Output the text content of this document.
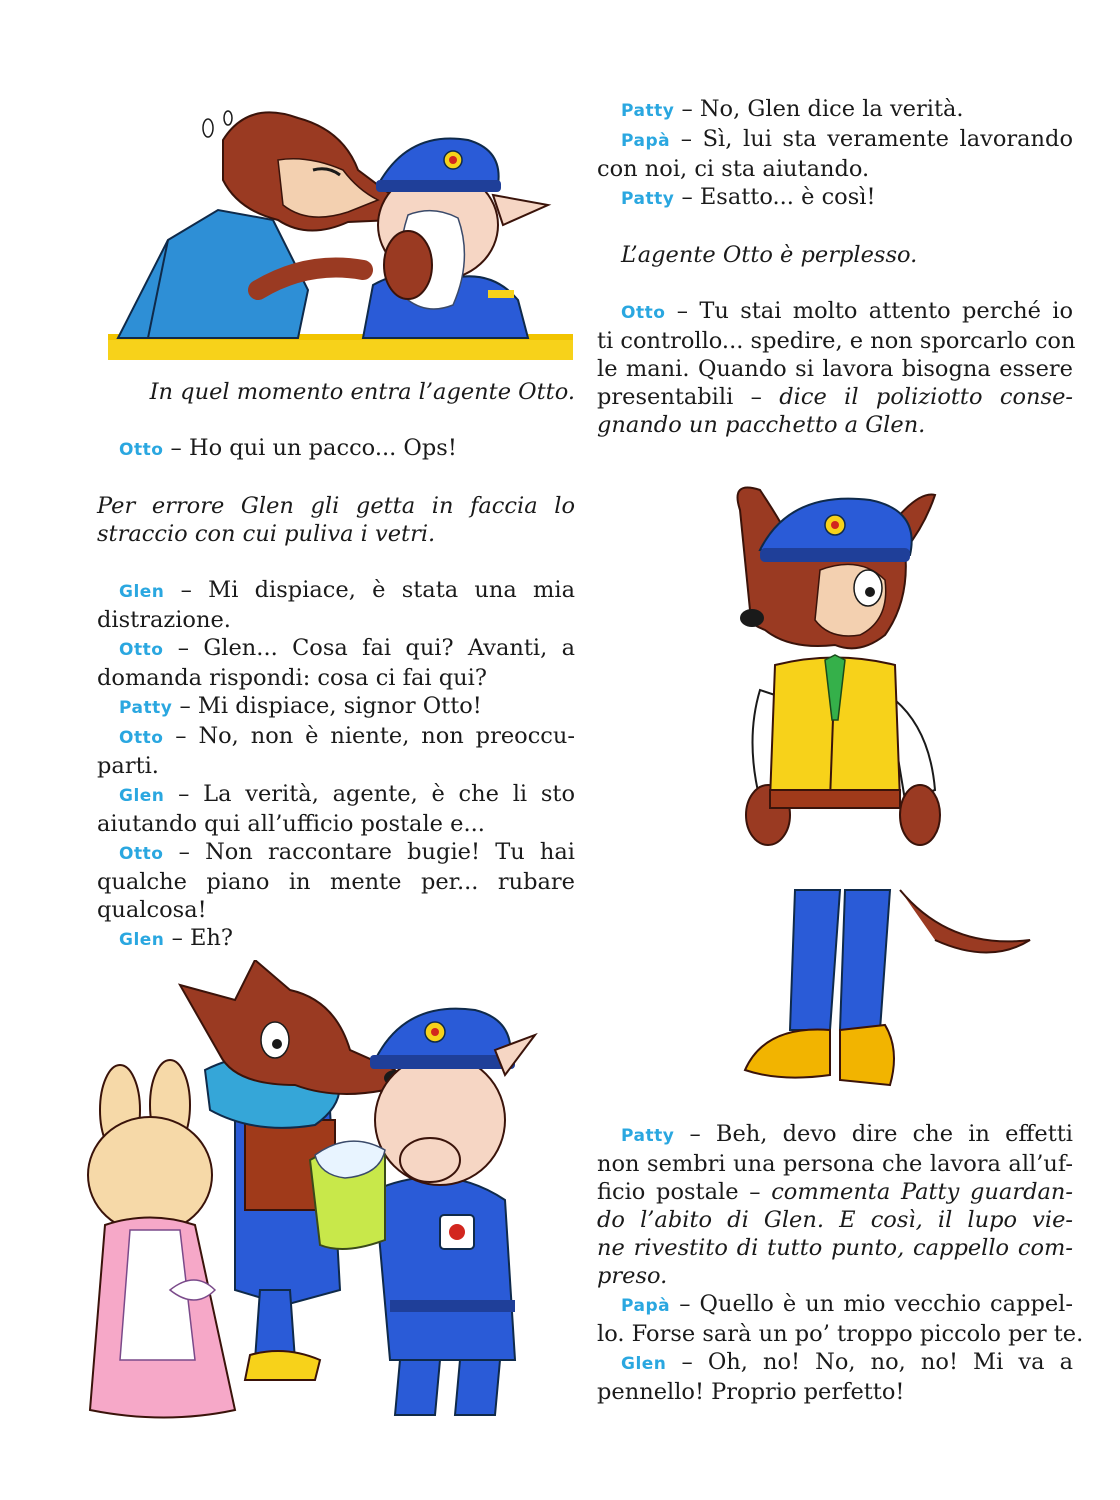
In quel momento entra l’agente Otto.
Otto – Ho qui un pacco... Ops!
Per errore Glen gli getta in faccia lo
straccio con cui puliva i vetri.
Glen – Mi dispiace, è stata una mia
distrazione.
Otto – Glen... Cosa fai qui? Avanti, a
domanda rispondi: cosa ci fai qui?
Patty – Mi dispiace, signor Otto!
Otto – No, non è niente, non preoccu-
parti.
Glen – La verità, agente, è che li sto
aiutando qui all’ufficio postale e...
Otto – Non raccontare bugie! Tu hai
qualche piano in mente per... rubare
qualcosa!
Glen – Eh?
Patty – No, Glen dice la verità.
Papà – Sì, lui sta veramente lavorando
con noi, ci sta aiutando.
Patty – Esatto... è così!
L’agente Otto è perplesso.
Otto – Tu stai molto attento perché io
ti controllo... spedire, e non sporcarlo con
le mani. Quando si lavora bisogna essere
presentabili – dice il poliziotto conse-
gnando un pacchetto a Glen.
Patty – Beh, devo dire che in effetti
non sembri una persona che lavora all’uf-
ficio postale – commenta Patty guardan-
do l’abito di Glen. E così, il lupo vie-
ne rivestito di tutto punto, cappello com-
preso.
Papà – Quello è un mio vecchio cappel-
lo. Forse sarà un po’ troppo piccolo per te.
Glen – Oh, no! No, no, no! Mi va a
pennello! Proprio perfetto!
